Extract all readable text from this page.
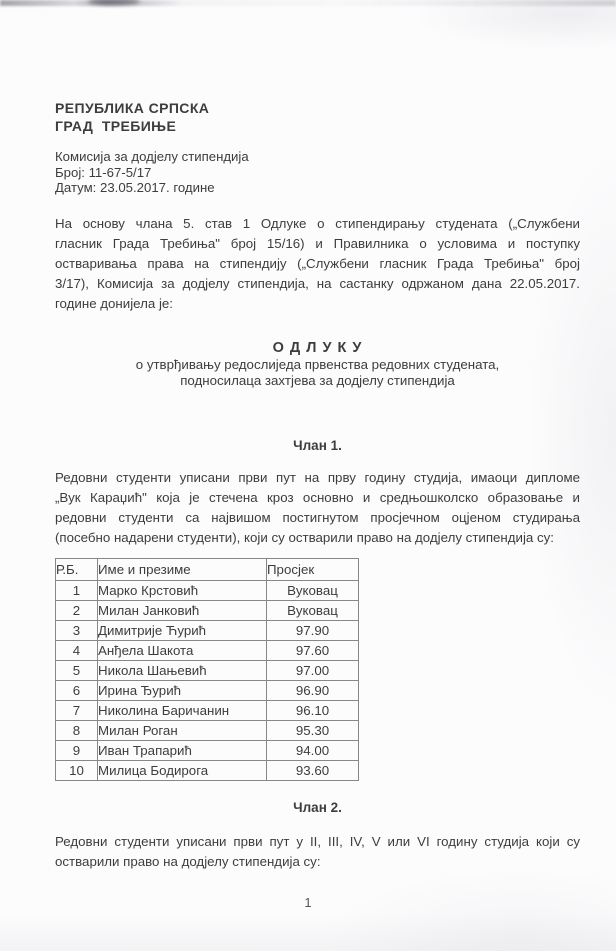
РЕПУБЛИКА СРПСКА
ГРАД  ТРЕБИЊЕ
Комисија за додјелу стипендија
Број: 11-67-5/17
Датум: 23.05.2017. године
На основу члана 5. став 1 Одлуке о стипендирању студената („Службени
гласник Града Требиња" број 15/16) и Правилника о условима и поступку
остваривања права на стипендију („Службени гласник Града Требиња" број
3/17), Комисија за додјелу стипендија, на састанку одржаном дана 22.05.2017.
године донијела је:
О Д Л У К У
о утврђивању редослиједа првенства редовних студената,
подносилаца захтјева за додјелу стипендија
Члан 1.
Редовни студенти уписани први пут на прву годину студија, имаоци дипломе
„Вук Караџић" која је стечена кроз основно и средњошколско образовање и
редовни студенти са највишом постигнутом просјечном оцјеном студирања
(посебно надарени студенти), који су остварили право на додјелу стипендија су:
Р.Б.	Име и презиме	Просјек
1	Марко Крстовић	Вуковац
2	Милан Јанковић	Вуковац
3	Димитрије Ћурић	97.90
4	Анђела Шакота	97.60
5	Никола Шањевић	97.00
6	Ирина Ђурић	96.90
7	Николина Баричанин	96.10
8	Милан Роган	95.30
9	Иван Трапарић	94.00
10	Милица Бодирога	93.60
Члан 2.
Редовни студенти уписани први пут у II, III, IV, V или VI годину студија који су
остварили право на додјелу стипендија су:
1
